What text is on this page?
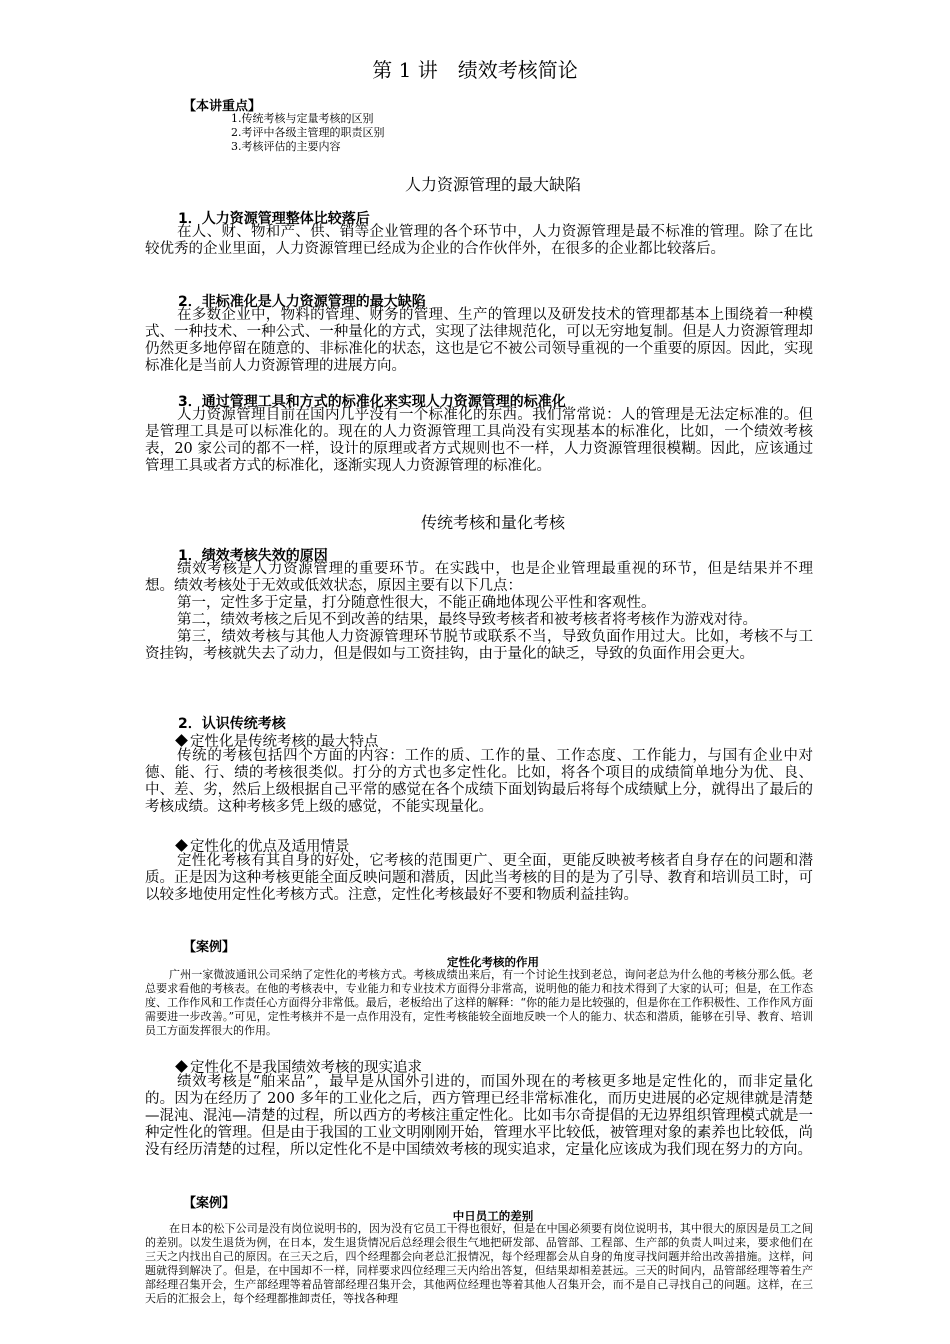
第 1 讲　绩效考核简论
【本讲重点】
1.传统考核与定量考核的区别
2.考评中各级主管理的职责区别
3.考核评估的主要内容
人力资源管理的最大缺陷
1．人力资源管理整体比较落后
在人、财、物和产、供、销等企业管理的各个环节中，人力资源管理是最不标准的管理。除了在比较优秀的企业里面，人力资源管理已经成为企业的合作伙伴外，在很多的企业都比较落后。
2．非标准化是人力资源管理的最大缺陷
在多数企业中，物料的管理、财务的管理、生产的管理以及研发技术的管理都基本上围绕着一种模式、一种技术、一种公式、一种量化的方式，实现了法律规范化，可以无穷地复制。但是人力资源管理却仍然更多地停留在随意的、非标准化的状态，这也是它不被公司领导重视的一个重要的原因。因此，实现标准化是当前人力资源管理的进展方向。
3．通过管理工具和方式的标准化来实现人力资源管理的标准化
人力资源管理目前在国内几乎没有一个标准化的东西。我们常常说：人的管理是无法定标准的。但是管理工具是可以标准化的。现在的人力资源管理工具尚没有实现基本的标准化，比如，一个绩效考核表，20 家公司的都不一样，设计的原理或者方式规则也不一样，人力资源管理很模糊。因此，应该通过管理工具或者方式的标准化，逐渐实现人力资源管理的标准化。
传统考核和量化考核
1．绩效考核失效的原因
绩效考核是人力资源管理的重要环节。在实践中，也是企业管理最重视的环节，但是结果并不理想。绩效考核处于无效或低效状态，原因主要有以下几点：
第一，定性多于定量，打分随意性很大，不能正确地体现公平性和客观性。
第二，绩效考核之后见不到改善的结果，最终导致考核者和被考核者将考核作为游戏对待。
第三，绩效考核与其他人力资源管理环节脱节或联系不当，导致负面作用过大。比如，考核不与工资挂钩，考核就失去了动力，但是假如与工资挂钩，由于量化的缺乏，导致的负面作用会更大。
2．认识传统考核
定性化是传统考核的最大特点
传统的考核包括四个方面的内容：工作的质、工作的量、工作态度、工作能力，与国有企业中对德、能、行、绩的考核很类似。打分的方式也多定性化。比如，将各个项目的成绩简单地分为优、良、中、差、劣，然后上级根据自己平常的感觉在各个成绩下面划钩最后将每个成绩赋上分，就得出了最后的考核成绩。这种考核多凭上级的感觉，不能实现量化。
定性化的优点及适用情景
定性化考核有其自身的好处，它考核的范围更广、更全面，更能反映被考核者自身存在的问题和潜质。正是因为这种考核更能全面反映问题和潜质，因此当考核的目的是为了引导、教育和培训员工时，可以较多地使用定性化考核方式。注意，定性化考核最好不要和物质利益挂钩。
【案例】
定性化考核的作用
广州一家微波通讯公司采纳了定性化的考核方式。考核成绩出来后，有一个讨论生找到老总，询问老总为什么他的考核分那么低。老总要求看他的考核表。在他的考核表中，专业能力和专业技术方面得分非常高，说明他的能力和技术得到了大家的认可；但是，在工作态度、工作作风和工作责任心方面得分非常低。最后，老板给出了这样的解释：“你的能力是比较强的，但是你在工作积极性、工作作风方面需要进一步改善。”可见，定性考核并不是一点作用没有，定性考核能较全面地反映一个人的能力、状态和潜质，能够在引导、教育、培训员工方面发挥很大的作用。
定性化不是我国绩效考核的现实追求
绩效考核是“舶来品”，最早是从国外引进的，而国外现在的考核更多地是定性化的，而非定量化的。因为在经历了 200 多年的工业化之后，西方管理已经非常标准化，而历史进展的必定规律就是清楚—混沌、混沌—清楚的过程，所以西方的考核注重定性化。比如韦尔奇提倡的无边界组织管理模式就是一种定性化的管理。但是由于我国的工业文明刚刚开始，管理水平比较低，被管理对象的素养也比较低，尚没有经历清楚的过程，所以定性化不是中国绩效考核的现实追求，定量化应该成为我们现在努力的方向。
【案例】
中日员工的差别
在日本的松下公司是没有岗位说明书的，因为没有它员工干得也很好，但是在中国必须要有岗位说明书，其中很大的原因是员工之间的差别。以发生退货为例，在日本，发生退货情况后总经理会很生气地把研发部、品管部、工程部、生产部的负责人叫过来，要求他们在三天之内找出自己的原因。在三天之后，四个经理都会向老总汇报情况，每个经理都会从自身的角度寻找问题并给出改善措施。这样，问题就得到解决了。但是，在中国却不一样，同样要求四位经理三天内给出答复，但结果却相差甚远。三天的时间内，品管部经理等着生产部经理召集开会，生产部经理等着品管部经理召集开会，其他两位经理也等着其他人召集开会，而不是自己寻找自己的问题。这样，在三天后的汇报会上，每个经理都推卸责任，等找各种理
